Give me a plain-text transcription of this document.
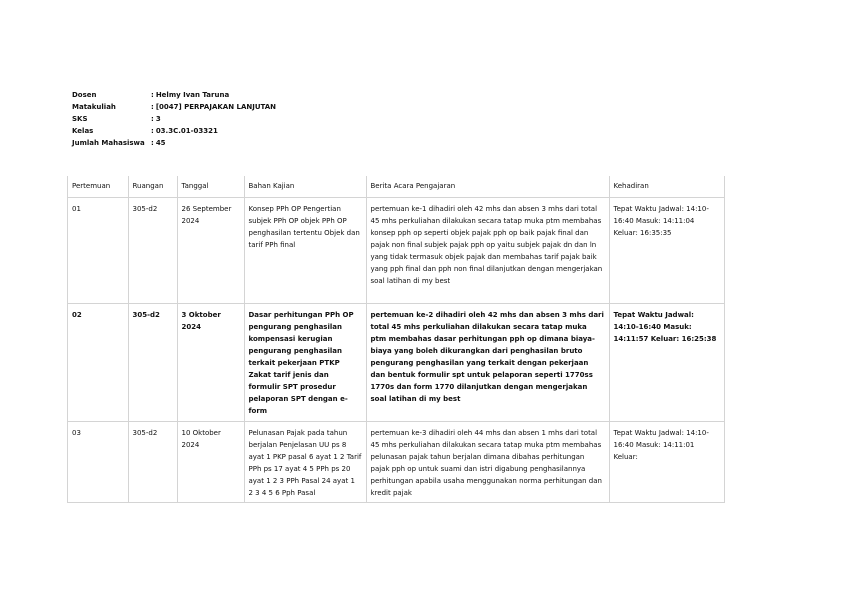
Dosen	: Helmy Ivan Taruna
Matakuliah	: [0047] PERPAJAKAN LANJUTAN
SKS	: 3
Kelas	: 03.3C.01-03321
Jumlah Mahasiswa : 45
Pertemuan	Ruangan	Tanggal	Bahan Kajian	Berita Acara Pengajaran	Kehadiran
01	305-d2	26 September 2024	Konsep PPh OP Pengertian subjek PPh OP objek PPh OP penghasilan tertentu Objek dan tarif PPh final	pertemuan ke-1 dihadiri oleh 42 mhs dan absen 3 mhs dari total 45 mhs perkuliahan dilakukan secara tatap muka ptm membahas konsep pph op seperti objek pajak pph op baik pajak final dan pajak non final subjek pajak pph op yaitu subjek pajak dn dan ln yang tidak termasuk objek pajak dan membahas tarif pajak baik yang pph final dan pph non final dilanjutkan dengan mengerjakan soal latihan di my best	Tepat Waktu Jadwal: 14:10-16:40 Masuk: 14:11:04 Keluar: 16:35:35
02	305-d2	3 Oktober 2024	Dasar perhitungan PPh OP pengurang penghasilan kompensasi kerugian pengurang penghasilan terkait pekerjaan PTKP Zakat tarif jenis dan formulir SPT prosedur pelaporan SPT dengan e-form	pertemuan ke-2 dihadiri oleh 42 mhs dan absen 3 mhs dari total 45 mhs perkuliahan dilakukan secara tatap muka ptm membahas dasar perhitungan pph op dimana biaya-biaya yang boleh dikurangkan dari penghasilan bruto pengurang penghasilan yang terkait dengan pekerjaan dan bentuk formulir spt untuk pelaporan seperti 1770ss 1770s dan form 1770 dilanjutkan dengan mengerjakan soal latihan di my best	Tepat Waktu Jadwal: 14:10-16:40 Masuk: 14:11:57 Keluar: 16:25:38
03	305-d2	10 Oktober 2024	Pelunasan Pajak pada tahun berjalan Penjelasan UU ps 8 ayat 1 PKP pasal 6 ayat 1 2 Tarif PPh ps 17 ayat 4 5 PPh ps 20 ayat 1 2 3 PPh Pasal 24 ayat 1 2 3 4 5 6 Pph Pasal	pertemuan ke-3 dihadiri oleh 44 mhs dan absen 1 mhs dari total 45 mhs perkuliahan dilakukan secara tatap muka ptm membahas pelunasan pajak tahun berjalan dimana dibahas perhitungan pajak pph op untuk suami dan istri digabung penghasilannya perhitungan apabila usaha menggunakan norma perhitungan dan kredit pajak	Tepat Waktu Jadwal: 14:10-16:40 Masuk: 14:11:01 Keluar:
